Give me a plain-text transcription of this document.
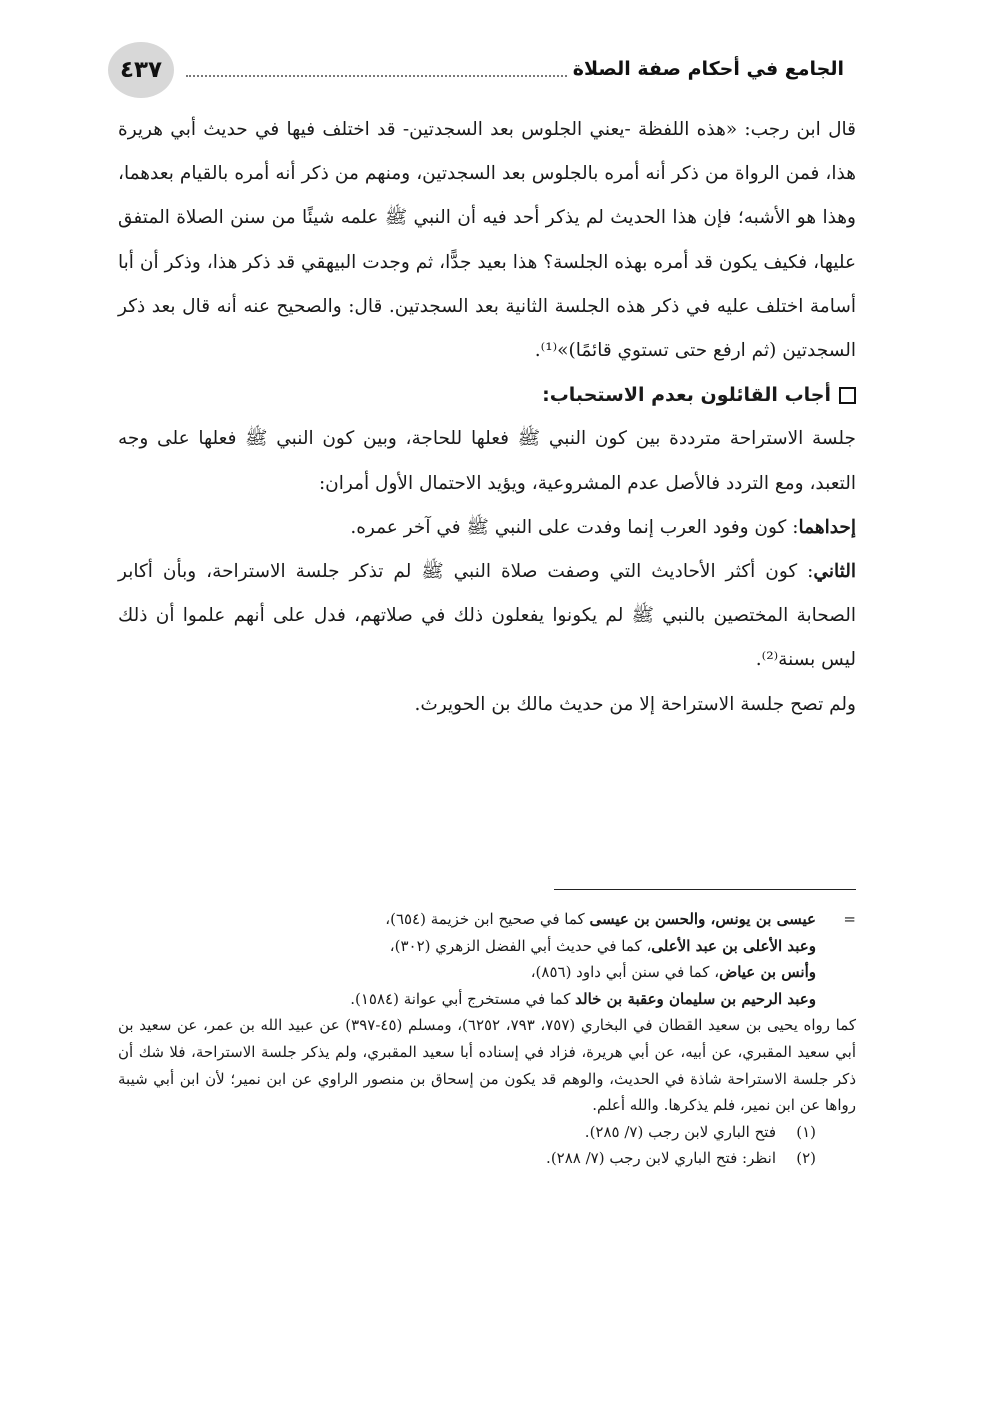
٤٣٧	الجامع في أحكام صفة الصلاة

قال ابن رجب: «هذه اللفظة -يعني الجلوس بعد السجدتين- قد اختلف فيها في حديث أبي هريرة هذا، فمن الرواة من ذكر أنه أمره بالجلوس بعد السجدتين، ومنهم من ذكر أنه أمره بالقيام بعدهما، وهذا هو الأشبه؛ فإن هذا الحديث لم يذكر أحد فيه أن النبي ﷺ علمه شيئًا من سنن الصلاة المتفق عليها، فكيف يكون قد أمره بهذه الجلسة؟ هذا بعيد جدًّا، ثم وجدت البيهقي قد ذكر هذا، وذكر أن أبا أسامة اختلف عليه في ذكر هذه الجلسة الثانية بعد السجدتين. قال: والصحيح عنه أنه قال بعد ذكر السجدتين (ثم ارفع حتى تستوي قائمًا)»⁽¹⁾.

أجاب القائلون بعدم الاستحباب:

جلسة الاستراحة مترددة بين كون النبي ﷺ فعلها للحاجة، وبين كون النبي ﷺ فعلها على وجه التعبد، ومع التردد فالأصل عدم المشروعية، ويؤيد الاحتمال الأول أمران:

إحداهما: كون وفود العرب إنما وفدت على النبي ﷺ في آخر عمره.

الثاني: كون أكثر الأحاديث التي وصفت صلاة النبي ﷺ لم تذكر جلسة الاستراحة، وبأن أكابر الصحابة المختصين بالنبي ﷺ لم يكونوا يفعلون ذلك في صلاتهم، فدل على أنهم علموا أن ذلك ليس بسنة⁽²⁾.

ولم تصح جلسة الاستراحة إلا من حديث مالك بن الحويرث.

=

عيسى بن يونس، والحسن بن عيسى كما في صحيح ابن خزيمة (٦٥٤)،

وعبد الأعلى بن عبد الأعلى، كما في حديث أبي الفضل الزهري (٣٠٢)،

وأنس بن عياض، كما في سنن أبي داود (٨٥٦)،

وعبد الرحيم بن سليمان وعقبة بن خالد كما في مستخرج أبي عوانة (١٥٨٤).

كما رواه يحيى بن سعيد القطان في البخاري (٧٥٧، ٧٩٣، ٦٢٥٢)، ومسلم (٤٥-٣٩٧) عن عبيد الله بن عمر، عن سعيد بن أبي سعيد المقبري، عن أبيه، عن أبي هريرة، فزاد في إسناده أبا سعيد المقبري، ولم يذكر جلسة الاستراحة، فلا شك أن ذكر جلسة الاستراحة شاذة في الحديث، والوهم قد يكون من إسحاق بن منصور الراوي عن ابن نمير؛ لأن ابن أبي شيبة رواها عن ابن نمير، فلم يذكرها. والله أعلم.

(١)فتح الباري لابن رجب (٧/ ٢٨٥).

(٢)انظر: فتح الباري لابن رجب (٧/ ٢٨٨).
